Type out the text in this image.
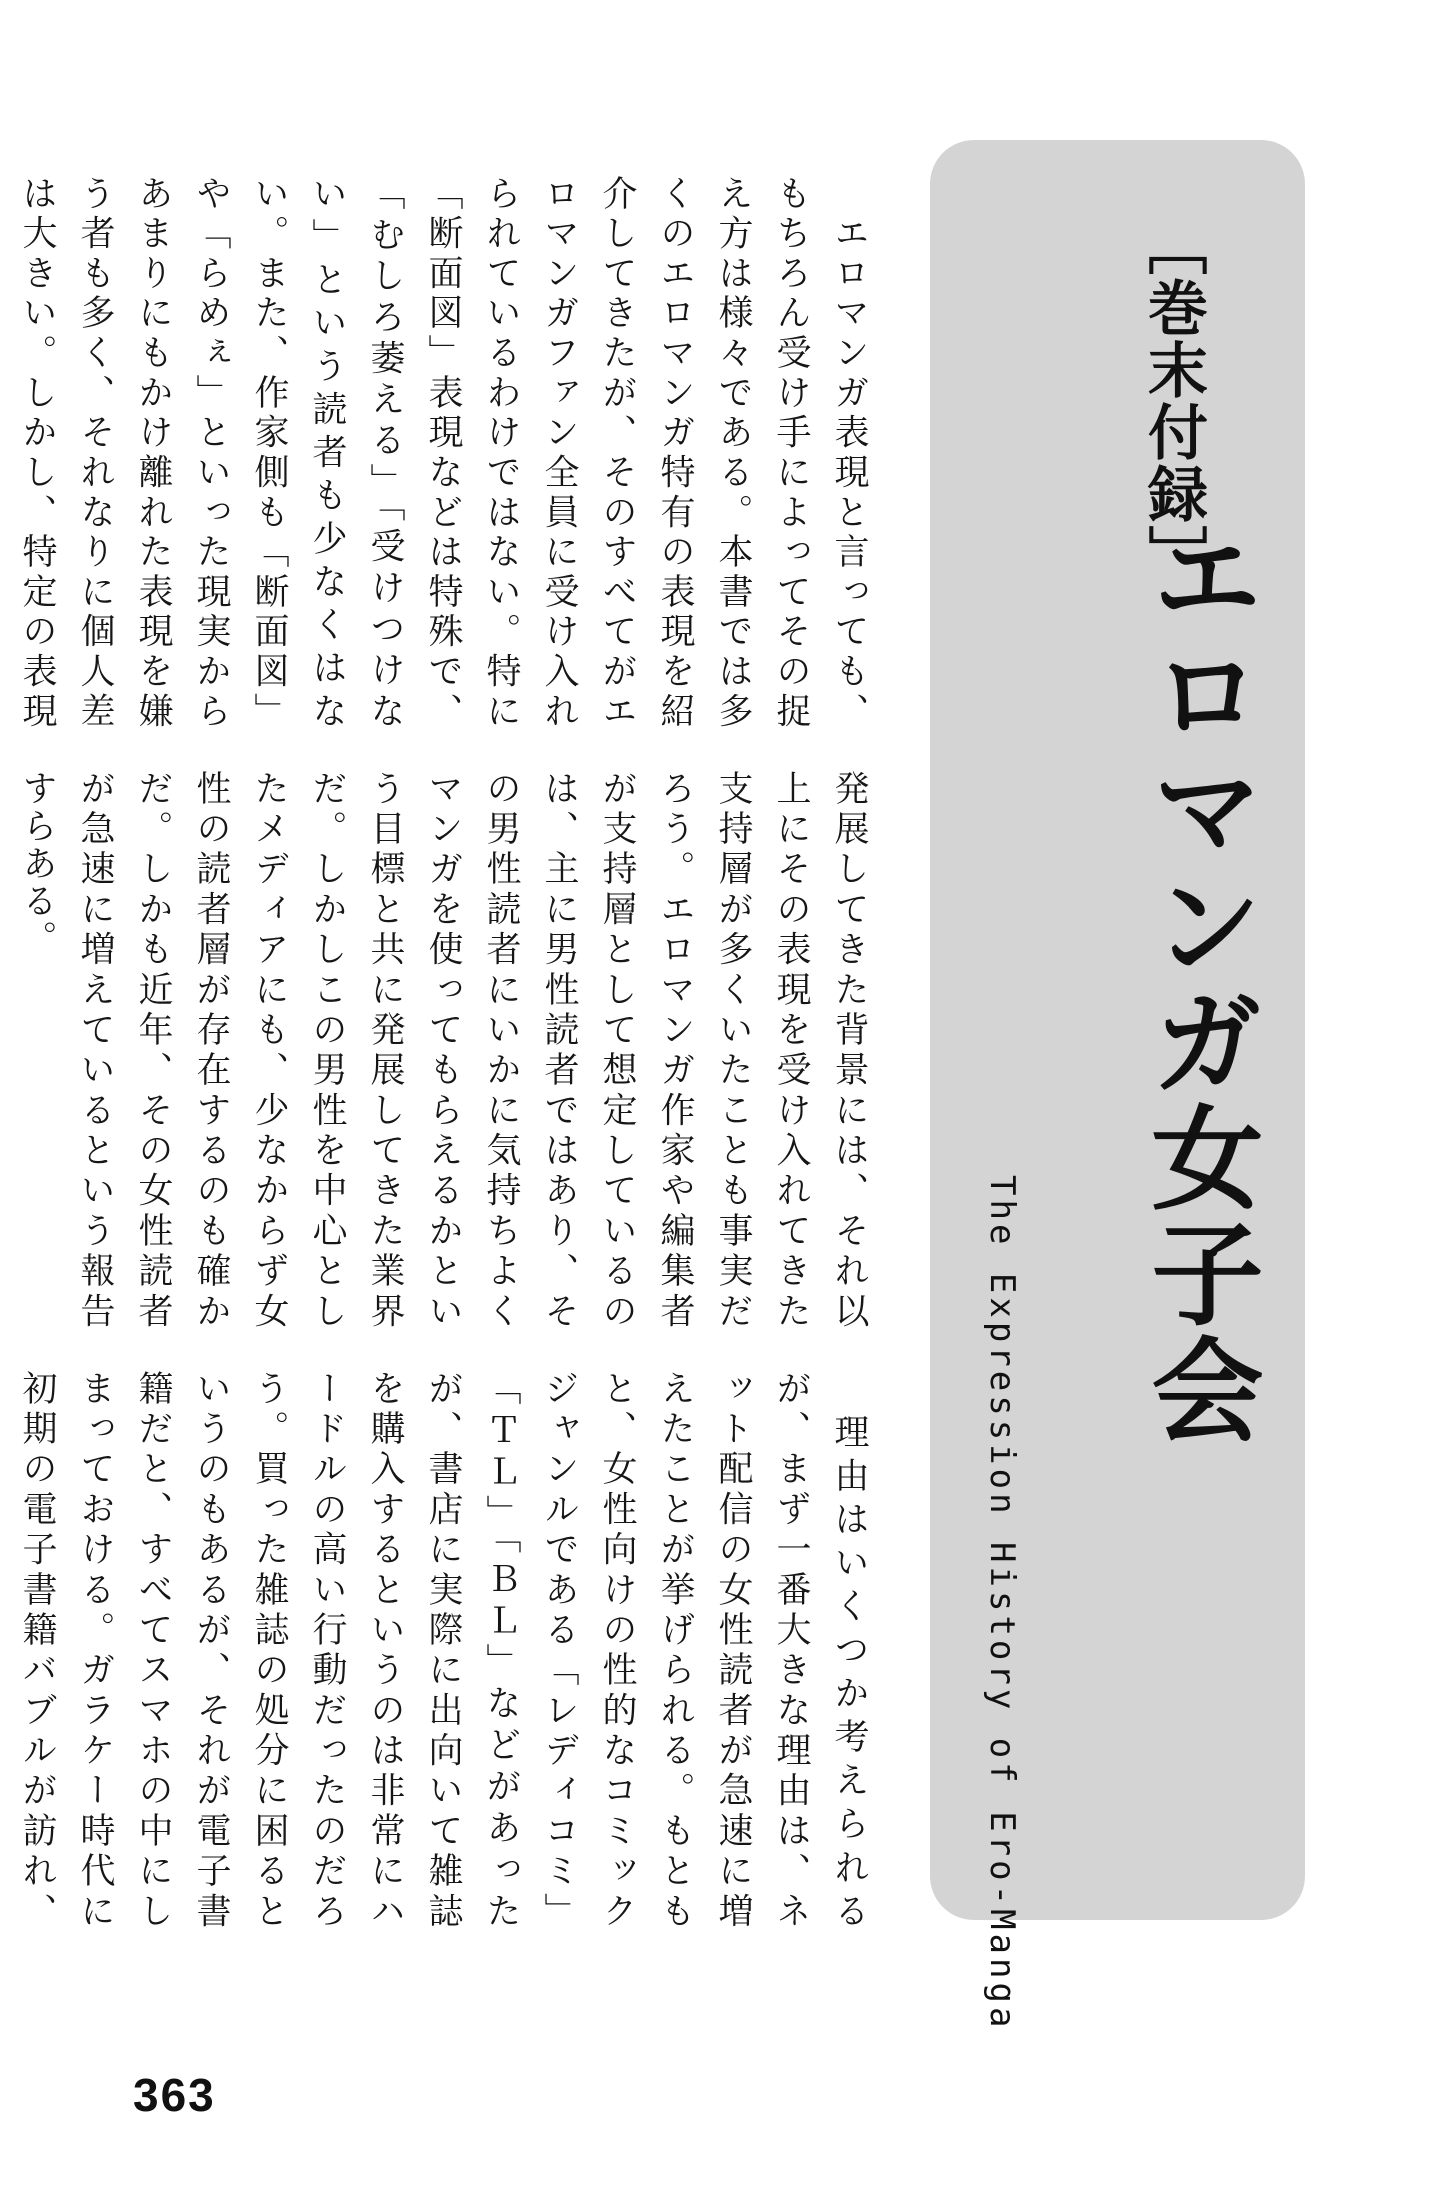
［巻末付録］

エロマンガ女子会

The Expression History of Ero-Manga

　エロマンガ表現と言っても、もちろん受け手によってその捉え方は様々である。本書では多くのエロマンガ特有の表現を紹介してきたが、そのすべてがエロマンガファン全員に受け入れられているわけではない。特に「断面図」表現などは特殊で、「むしろ萎える」「受けつけない」という読者も少なくはない。また、作家側も「断面図」や「らめぇ」といった現実からあまりにもかけ離れた表現を嫌う者も多く、それなりに個人差は大きい。しかし、特定の表現

発展してきた背景には、それ以上にその表現を受け入れてきた支持層が多くいたことも事実だろう。エロマンガ作家や編集者が支持層として想定しているのは、主に男性読者ではあり、その男性読者にいかに気持ちよくマンガを使ってもらえるかという目標と共に発展してきた業界だ。しかしこの男性を中心としたメディアにも、少なからず女性の読者層が存在するのも確かだ。しかも近年、その女性読者が急速に増えているという報告すらある。

　理由はいくつか考えられるが、まず一番大きな理由は、ネット配信の女性読者が急速に増えたことが挙げられる。もともと、女性向けの性的なコミックジャンルである「レディコミ」「ＴＬ」「ＢＬ」などがあったが、書店に実際に出向いて雑誌を購入するというのは非常にハードルの高い行動だったのだろう。買った雑誌の処分に困るというのもあるが、それが電子書籍だと、すべてスマホの中にしまっておける。ガラケー時代に初期の電子書籍バブルが訪れ、

363
